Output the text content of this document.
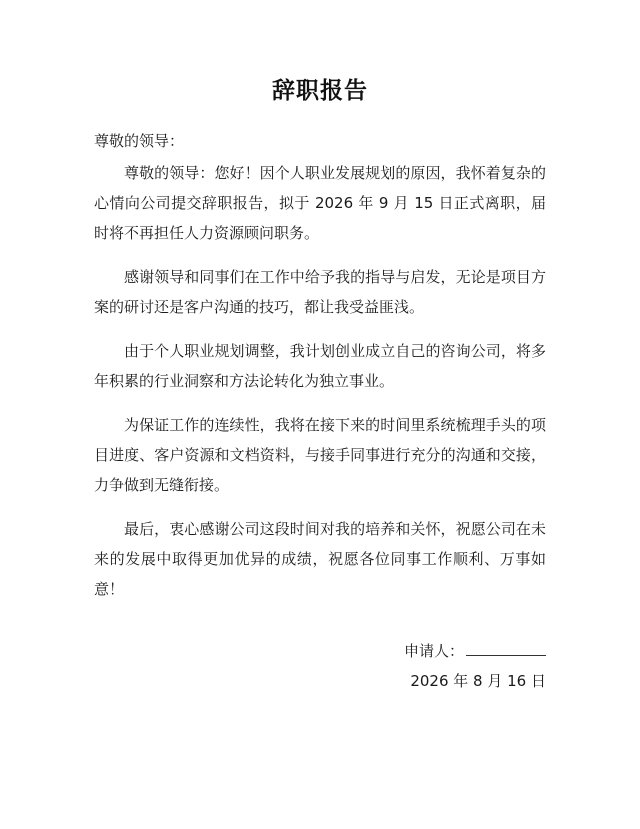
辞职报告
尊敬的领导：

尊敬的领导：您好！因个人职业发展规划的原因，我怀着复杂的心情向公司提交辞职报告，拟于 2026 年 9 月 15 日正式离职，届时将不再担任人力资源顾问职务。

感谢领导和同事们在工作中给予我的指导与启发，无论是项目方案的研讨还是客户沟通的技巧，都让我受益匪浅。

由于个人职业规划调整，我计划创业成立自己的咨询公司，将多年积累的行业洞察和方法论转化为独立事业。

为保证工作的连续性，我将在接下来的时间里系统梳理手头的项目进度、客户资源和文档资料，与接手同事进行充分的沟通和交接，力争做到无缝衔接。

最后，衷心感谢公司这段时间对我的培养和关怀，祝愿公司在未来的发展中取得更加优异的成绩，祝愿各位同事工作顺利、万事如意！

申请人：
2026 年 8 月 16 日
